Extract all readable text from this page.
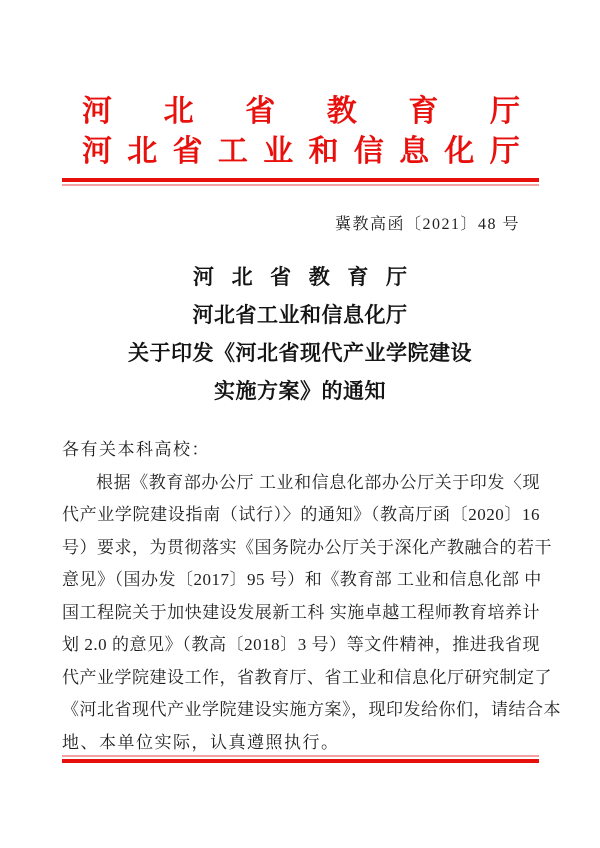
河北省教育厅
河北省工业和信息化厅
冀教高函〔2021〕48 号
河北省教育厅
河北省工业和信息化厅
关于印发《河北省现代产业学院建设
实施方案》的通知
各有关本科高校：
根据《教育部办公厅 工业和信息化部办公厅关于印发〈现
代产业学院建设指南（试行）〉的通知》（教高厅函〔2020〕16
号）要求，为贯彻落实《国务院办公厅关于深化产教融合的若干
意见》（国办发〔2017〕95 号）和《教育部 工业和信息化部 中
国工程院关于加快建设发展新工科 实施卓越工程师教育培养计
划 2.0 的意见》（教高〔2018〕3 号）等文件精神，推进我省现
代产业学院建设工作，省教育厅、省工业和信息化厅研究制定了
《河北省现代产业学院建设实施方案》，现印发给你们，请结合本
地、本单位实际，认真遵照执行。
